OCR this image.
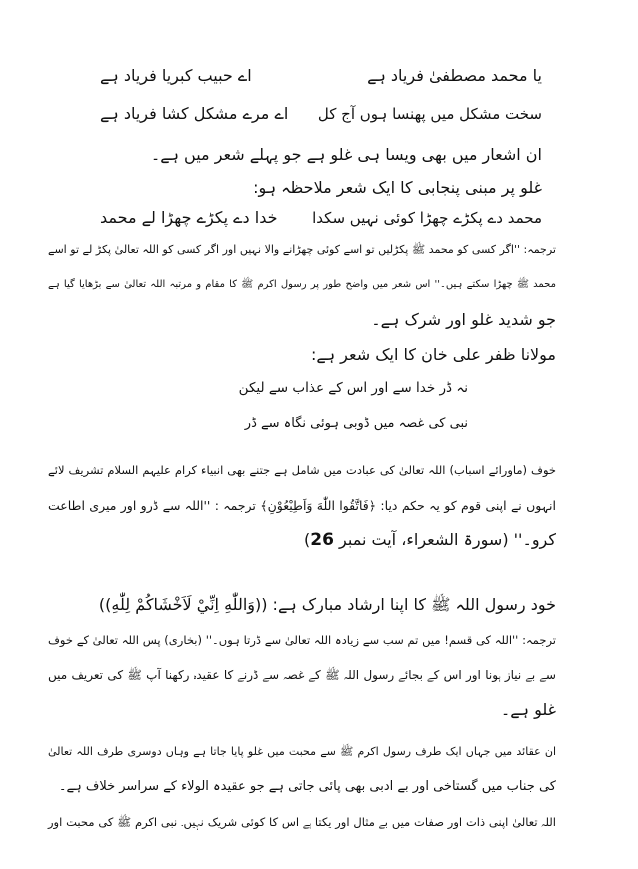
یا محمد مصطفیٰ فریاد ہے
اے حبیب کبریا فریاد ہے
سخت مشکل میں پھنسا ہوں آج کل
اے مرے مشکل کشا فریاد ہے
ان اشعار میں بھی ویسا ہی غلو ہے جو پہلے شعر میں ہے۔
غلو پر مبنی پنجابی کا ایک شعر ملاحظہ ہو:
محمد دے پکڑے چھڑا کوئی نہیں سکدا
خدا دے پکڑے چھڑا لے محمد
ترجمہ: ''اگر کسی کو محمد ﷺ پکڑلیں تو اسے کوئی چھڑانے والا نہیں اور اگر کسی کو اللہ تعالیٰ پکڑ لے تو اسے
محمد ﷺ چھڑا سکتے ہیں۔'' اس شعر میں واضح طور پر رسول اکرم ﷺ کا مقام و مرتبہ اللہ تعالیٰ سے بڑھایا گیا ہے
جو شدید غلو اور شرک ہے۔
مولانا ظفر علی خان کا ایک شعر ہے:
نہ ڈر خدا سے اور اس کے عذاب سے لیکن
نبی کی غصہ میں ڈوبی ہوئی نگاہ سے ڈر
خوف (ماورائے اسباب) اللہ تعالیٰ کی عبادت میں شامل ہے جتنے بھی انبیاء کرام علیہم السلام تشریف لائے
انہوں نے اپنی قوم کو یہ حکم دیا: ﴿فَاتَّقُوا اللّٰهَ وَاَطِيْعُوْنِ﴾ ترجمہ : ''اللہ سے ڈرو اور میری اطاعت
کرو۔'' (سورۃ الشعراء، آیت نمبر 26)
خود رسول اللہ ﷺ کا اپنا ارشاد مبارک ہے: ((وَاللّٰهِ اِنِّيْ لَاَخْشَاكُمْ لِلّٰهِ))
ترجمہ: ''اللہ کی قسم! میں تم سب سے زیادہ اللہ تعالیٰ سے ڈرتا ہوں۔'' (بخاری) پس اللہ تعالیٰ کے خوف
سے بے نیاز ہونا اور اس کے بجائے رسول اللہ ﷺ کے غصہ سے ڈرنے کا عقیدہ رکھنا آپ ﷺ کی تعریف میں
غلو ہے۔
ان عقائد میں جہاں ایک طرف رسول اکرم ﷺ سے محبت میں غلو پایا جاتا ہے وہاں دوسری طرف اللہ تعالیٰ
کی جناب میں گستاخی اور بے ادبی بھی پائی جاتی ہے جو عقیدہ الولاء کے سراسر خلاف ہے۔
اللہ تعالیٰ اپنی ذات اور صفات میں بے مثال اور یکتا ہے اس کا کوئی شریک نہیں۔ نبی اکرم ﷺ کی محبت اور
